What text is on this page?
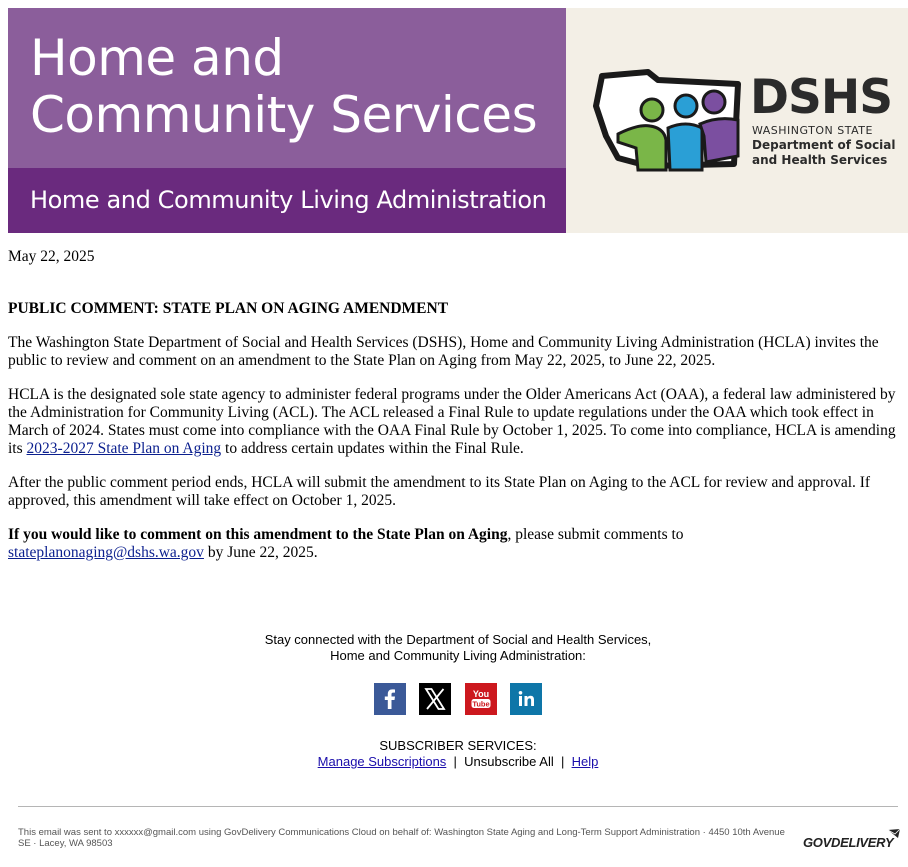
Home and
Community Services
Home and Community Living Administration
DSHS
WASHINGTON STATE
Department of Social
and Health Services

May 22, 2025

PUBLIC COMMENT: STATE PLAN ON AGING AMENDMENT

The Washington State Department of Social and Health Services (DSHS), Home and Community Living Administration (HCLA) invites the public to review and comment on an amendment to the State Plan on Aging from May 22, 2025, to June 22, 2025.

HCLA is the designated sole state agency to administer federal programs under the Older Americans Act (OAA), a federal law administered by the Administration for Community Living (ACL). The ACL released a Final Rule to update regulations under the OAA which took effect in March of 2024. States must come into compliance with the OAA Final Rule by October 1, 2025. To come into compliance, HCLA is amending its 2023-2027 State Plan on Aging to address certain updates within the Final Rule.

After the public comment period ends, HCLA will submit the amendment to its State Plan on Aging to the ACL for review and approval. If approved, this amendment will take effect on October 1, 2025.

If you would like to comment on this amendment to the State Plan on Aging, please submit comments to
stateplanonaging@dshs.wa.gov by June 22, 2025.

Stay connected with the Department of Social and Health Services,
Home and Community Living Administration:
You
Tube
SUBSCRIBER SERVICES:
Manage Subscriptions  |  Unsubscribe All  |  Help
This email was sent to xxxxxx@gmail.com using GovDelivery Communications Cloud on behalf of: Washington State Aging and Long-Term Support Administration · 4450 10th Avenue SE · Lacey, WA 98503	GOVDELIVERY
